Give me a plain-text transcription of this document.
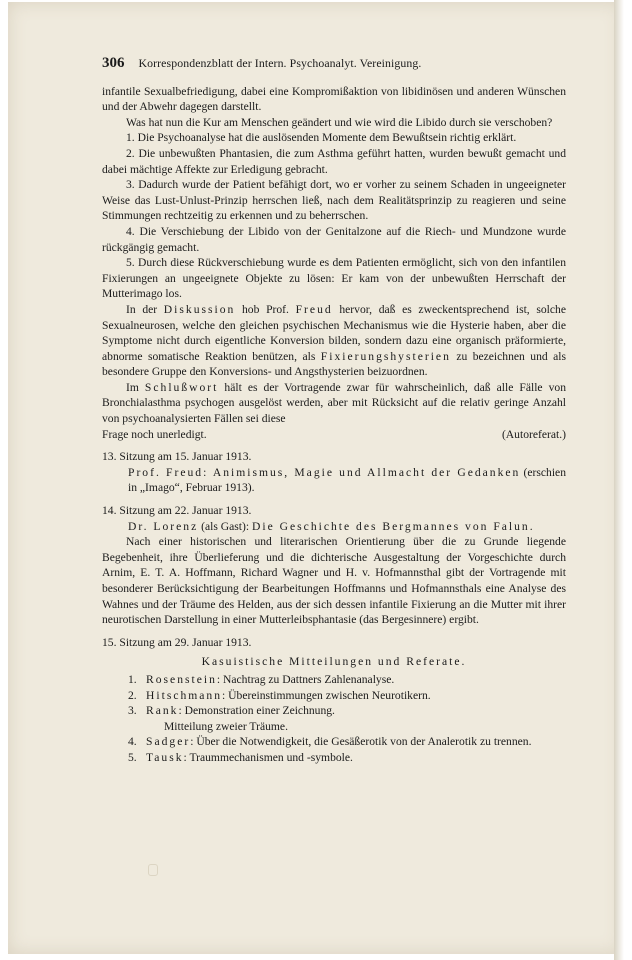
306 Korrespondenzblatt der Intern. Psychoanalyt. Vereinigung.

infantile Sexualbefriedigung, dabei eine Kompromißaktion von libidinösen und anderen Wünschen und der Abwehr dagegen darstellt.

Was hat nun die Kur am Menschen geändert und wie wird die Libido durch sie verschoben?

1. Die Psychoanalyse hat die auslösenden Momente dem Bewußtsein richtig erklärt.

2. Die unbewußten Phantasien, die zum Asthma geführt hatten, wurden bewußt gemacht und dabei mächtige Affekte zur Erledigung gebracht.

3. Dadurch wurde der Patient befähigt dort, wo er vorher zu seinem Schaden in ungeeigneter Weise das Lust-Unlust-Prinzip herrschen ließ, nach dem Realitätsprinzip zu reagieren und seine Stimmungen rechtzeitig zu erkennen und zu beherrschen.

4. Die Verschiebung der Libido von der Genitalzone auf die Riech- und Mundzone wurde rückgängig gemacht.

5. Durch diese Rückverschiebung wurde es dem Patienten ermöglicht, sich von den infantilen Fixierungen an ungeeignete Objekte zu lösen: Er kam von der unbewußten Herrschaft der Mutterimago los.

In der Diskussion hob Prof. Freud hervor, daß es zweckentsprechend ist, solche Sexualneurosen, welche den gleichen psychischen Mechanismus wie die Hysterie haben, aber die Symptome nicht durch eigentliche Konversion bilden, sondern dazu eine organisch präformierte, abnorme somatische Reaktion benützen, als Fixierungshysterien zu bezeichnen und als besondere Gruppe den Konversions- und Angsthysterien beizuordnen.

Im Schlußwort hält es der Vortragende zwar für wahrscheinlich, daß alle Fälle von Bronchialasthma psychogen ausgelöst werden, aber mit Rücksicht auf die relativ geringe Anzahl von psychoanalysierten Fällen sei diese

Frage noch unerledigt.	(Autoreferat.)

13. Sitzung am 15. Januar 1913.

Prof. Freud: Animismus, Magie und Allmacht der Gedanken (erschien in „Imago“, Februar 1913).

14. Sitzung am 22. Januar 1913.

Dr. Lorenz (als Gast): Die Geschichte des Bergmannes von Falun.

Nach einer historischen und literarischen Orientierung über die zu Grunde liegende Begebenheit, ihre Überlieferung und die dichterische Ausgestaltung der Vorgeschichte durch Arnim, E. T. A. Hoffmann, Richard Wagner und H. v. Hofmannsthal gibt der Vortragende mit besonderer Berücksichtigung der Bearbeitungen Hoffmanns und Hofmannsthals eine Analyse des Wahnes und der Träume des Helden, aus der sich dessen infantile Fixierung an die Mutter mit ihrer neurotischen Darstellung in einer Mutterleibsphantasie (das Bergesinnere) ergibt.

15. Sitzung am 29. Januar 1913.

Kasuistische Mitteilungen und Referate.

1. Rosenstein: Nachtrag zu Dattners Zahlenanalyse.
2. Hitschmann: Übereinstimmungen zwischen Neurotikern.
3. Rank: Demonstration einer Zeichnung.
Mitteilung zweier Träume.
4. Sadger: Über die Notwendigkeit, die Gesäßerotik von der Analerotik zu trennen.
5. Tausk: Traummechanismen und -symbole.
